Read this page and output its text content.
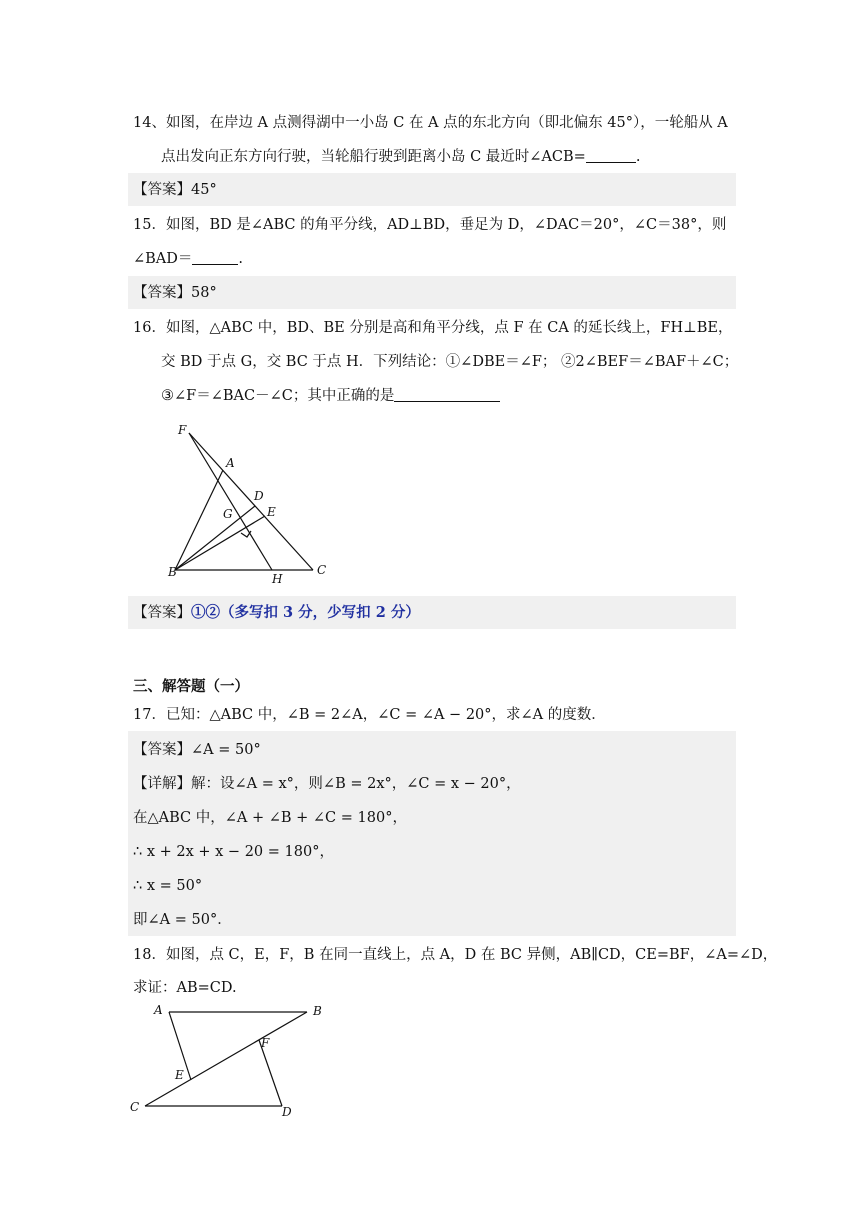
14、如图，在岸边 A 点测得湖中一小岛 C 在 A 点的东北方向（即北偏东 45°），一轮船从 A
点出发向正东方向行驶，当轮船行驶到距离小岛 C 最近时∠ACB=	.
【答案】45°
15．如图，BD 是∠ABC 的角平分线，AD⊥BD，垂足为 D，∠DAC＝20°，∠C＝38°，则
∠BAD＝	.
【答案】58°
16．如图，△ABC 中，BD、BE 分别是高和角平分线，点 F 在 CA 的延长线上，FH⊥BE，
交 BD 于点 G，交 BC 于点 H．下列结论：①∠DBE＝∠F； ②2∠BEF＝∠BAF＋∠C；
③∠F＝∠BAC－∠C；其中正确的是
F
A
D
G	E
B	H
C
【答案】①②（多写扣 3 分，少写扣 2 分）
三、解答题（一）
17．已知：△ABC 中，∠B = 2∠A，∠C = ∠A − 20°，求∠A 的度数．
【答案】∠A = 50°
【详解】解：设∠A = x°，则∠B = 2x°，∠C = x − 20°，
在△ABC 中，∠A + ∠B + ∠C = 180°，
∴ x + 2x + x − 20 = 180°，
∴ x = 50°
即∠A = 50°．
18．如图，点 C，E，F，B 在同一直线上，点 A，D 在 BC 异侧，AB∥CD，CE=BF，∠A=∠D，
求证：AB=CD.
A	B
F
E
C	D
